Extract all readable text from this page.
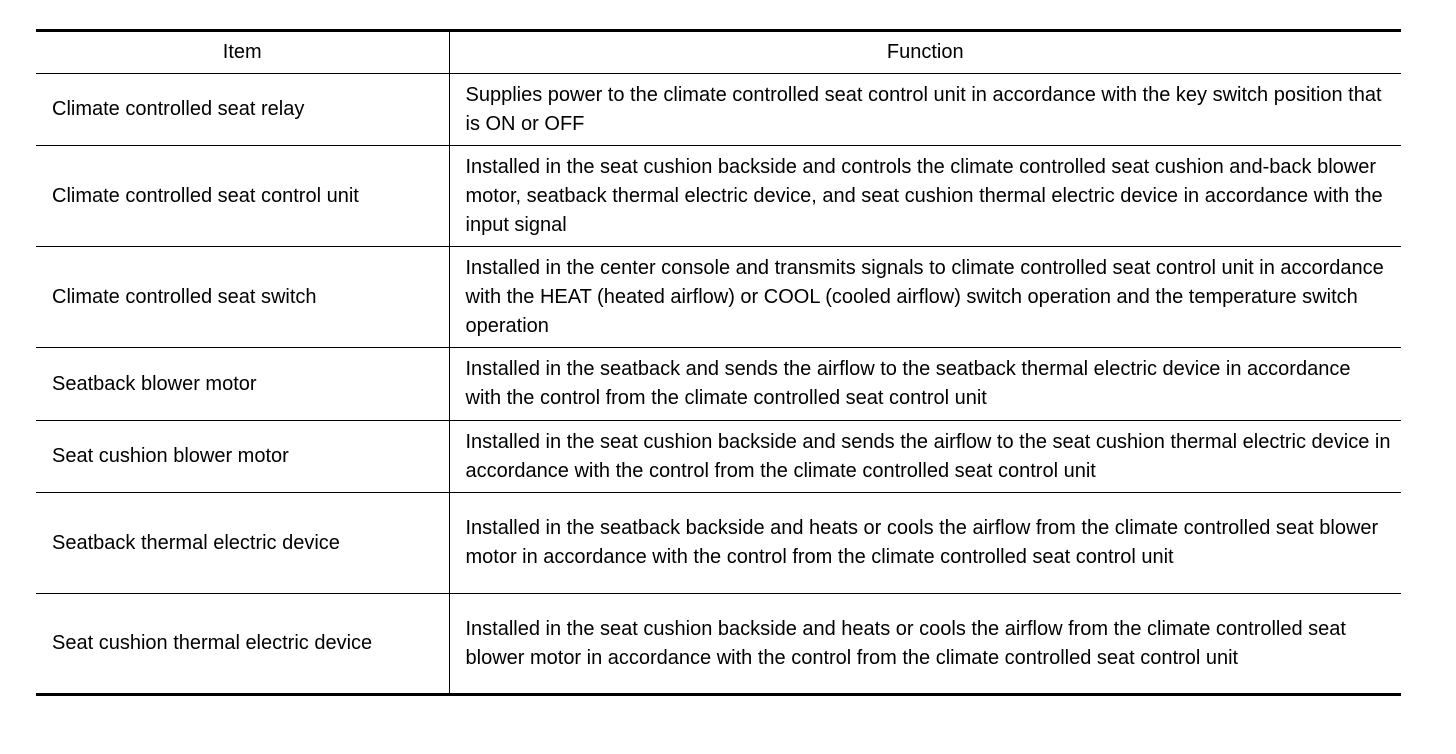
Item	Function
Climate controlled seat relay	Supplies power to the climate controlled seat control unit in accordance with the key switch position that is ON or OFF
Climate controlled seat control unit	Installed in the seat cushion backside and controls the climate controlled seat cushion and-back blower motor, seatback thermal electric device, and seat cushion thermal electric device in accordance with the input signal
Climate controlled seat switch	Installed in the center console and transmits signals to climate controlled seat control unit in accordance with the HEAT (heated airflow) or COOL (cooled airflow) switch operation and the temperature switch operation
Seatback blower motor	Installed in the seatback and sends the airflow to the seatback thermal electric device in accordance with the control from the climate controlled seat control unit
Seat cushion blower motor	Installed in the seat cushion backside and sends the airflow to the seat cushion thermal electric device in accordance with the control from the climate controlled seat control unit
Seatback thermal electric device	Installed in the seatback backside and heats or cools the airflow from the climate controlled seat blower motor in accordance with the control from the climate controlled seat control unit
Seat cushion thermal electric device	Installed in the seat cushion backside and heats or cools the airflow from the climate controlled seat blower motor in accordance with the control from the climate controlled seat control unit
